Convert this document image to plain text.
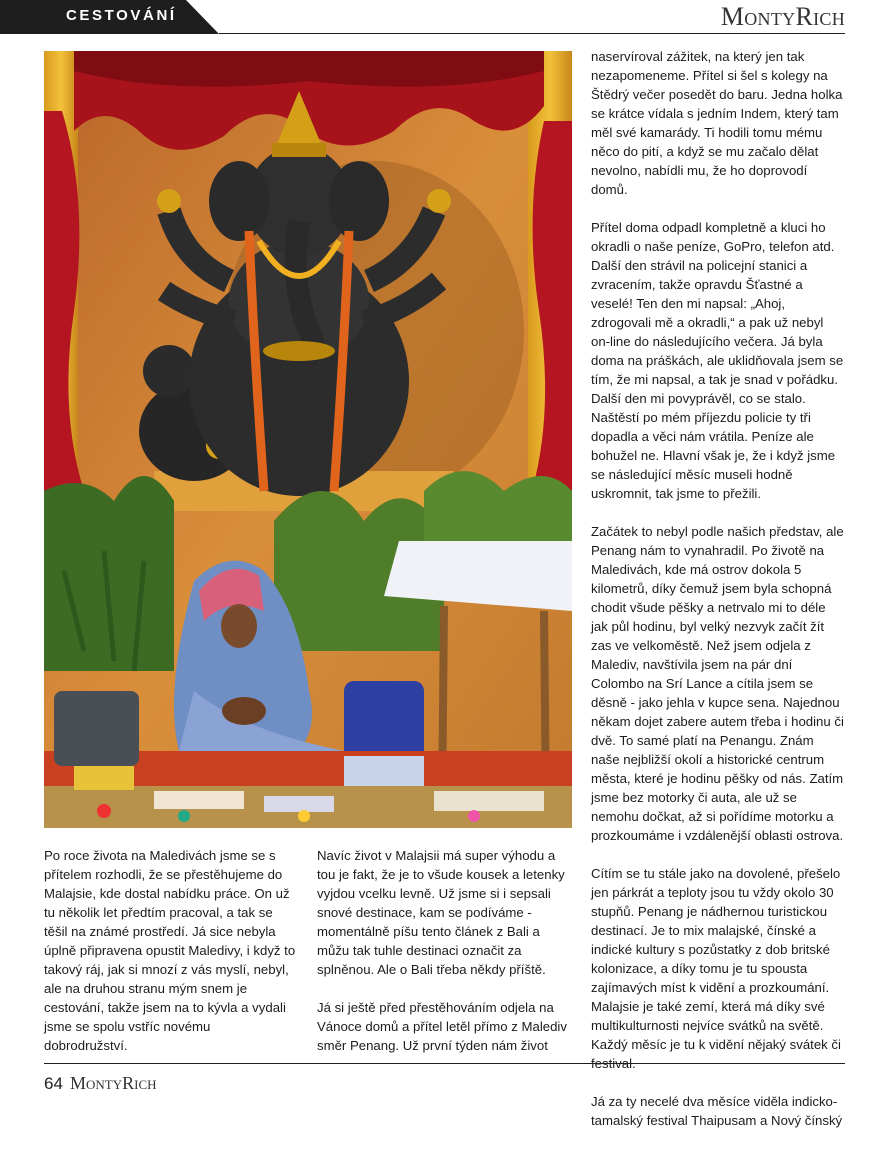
CESTOVÁNÍ	MontyRich

Po roce života na Maledivách jsme se s přítelem rozhodli, že se přestěhujeme do Malajsie, kde dostal nabídku práce. On už tu několik let předtím pracoval, a tak se těšil na známé prostředí. Já sice nebyla úplně připravena opustit Maledivy, i když to takový ráj, jak si mnozí z vás myslí, nebyl, ale na druhou stranu mým snem je cestování, takže jsem na to kývla a vydali jsme se spolu vstříc novému dobrodružství.

Navíc život v Malajsii má super výhodu a tou je fakt, že je to všude kousek a letenky vyjdou vcelku levně. Už jsme si i sepsali snové destinace, kam se podíváme - momentálně píšu tento článek z Bali a můžu tak tuhle destinaci označit za splněnou. Ale o Bali třeba někdy příště.

Já si ještě před přestěhováním odjela na Vánoce domů a přítel letěl přímo z Malediv směr Penang. Už první týden nám život

naservíroval zážitek, na který jen tak nezapomeneme. Přítel si šel s kolegy na Štědrý večer posedět do baru. Jedna holka se krátce vídala s jedním Indem, který tam měl své kamarády. Ti hodili tomu mému něco do pití, a když se mu začalo dělat nevolno, nabídli mu, že ho doprovodí domů.

Přítel doma odpadl kompletně a kluci ho okradli o naše peníze, GoPro, telefon atd. Další den strávil na policejní stanici a zvracením, takže opravdu Šťastné a veselé! Ten den mi napsal: „Ahoj, zdrogovali mě a okradli,“ a pak už nebyl on-line do následujícího večera. Já byla doma na práškách, ale uklidňovala jsem se tím, že mi napsal, a tak je snad v pořádku. Další den mi povyprávěl, co se stalo. Naštěstí po mém příjezdu policie ty tři dopadla a věci nám vrátila. Peníze ale bohužel ne. Hlavní však je, že i když jsme se následující měsíc museli hodně uskromnit, tak jsme to přežili.

Začátek to nebyl podle našich představ, ale Penang nám to vynahradil. Po životě na Maledivách, kde má ostrov dokola 5 kilometrů, díky čemuž jsem byla schopná chodit všude pěšky a netrvalo mi to déle jak půl hodinu, byl velký nezvyk začít žít zas ve velkoměstě. Než jsem odjela z Malediv, navštívila jsem na pár dní Colombo na Srí Lance a cítila jsem se děsně - jako jehla v kupce sena. Najednou někam dojet zabere autem třeba i hodinu či dvě. To samé platí na Penangu. Znám naše nejbližší okolí a historické centrum města, které je hodinu pěšky od nás. Zatím jsme bez motorky či auta, ale už se nemohu dočkat, až si pořídíme motorku a prozkoumáme i vzdálenější oblasti ostrova.

Cítím se tu stále jako na dovolené, přešelo jen párkrát a teploty jsou tu vždy okolo 30 stupňů. Penang je nádhernou turistickou destinací. Je to mix malajské, čínské a indické kultury s pozůstatky z dob britské kolonizace, a díky tomu je tu spousta zajímavých míst k vidění a prozkoumání. Malajsie je také zemí, která má díky své multikulturnosti nejvíce svátků na světě. Každý měsíc je tu k vidění nějaký svátek či festival.

Já za ty necelé dva měsíce viděla indicko-tamalský festival Thaipusam a Nový čínský

64 MontyRich
